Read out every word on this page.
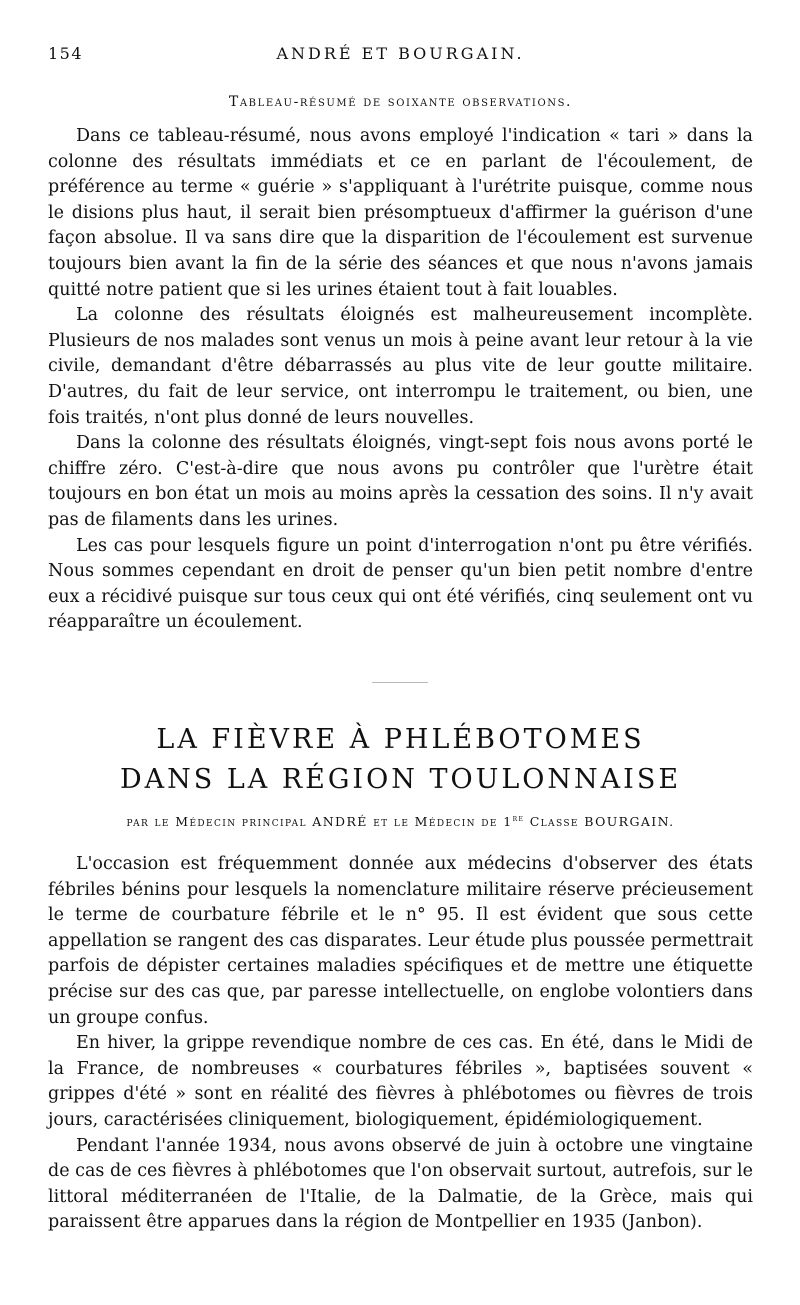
154	ANDRÉ ET BOURGAIN.
Tableau-résumé de soixante observations.

Dans ce tableau-résumé, nous avons employé l'indication « tari » dans la colonne des résultats immédiats et ce en parlant de l'écoulement, de préférence au terme « guérie » s'appliquant à l'urétrite puisque, comme nous le disions plus haut, il serait bien présomptueux d'affirmer la guérison d'une façon absolue. Il va sans dire que la disparition de l'écoulement est survenue toujours bien avant la fin de la série des séances et que nous n'avons jamais quitté notre patient que si les urines étaient tout à fait louables.

La colonne des résultats éloignés est malheureusement incomplète. Plusieurs de nos malades sont venus un mois à peine avant leur retour à la vie civile, demandant d'être débarrassés au plus vite de leur goutte militaire. D'autres, du fait de leur service, ont interrompu le traitement, ou bien, une fois traités, n'ont plus donné de leurs nouvelles.

Dans la colonne des résultats éloignés, vingt-sept fois nous avons porté le chiffre zéro. C'est-à-dire que nous avons pu contrôler que l'urètre était toujours en bon état un mois au moins après la cessation des soins. Il n'y avait pas de filaments dans les urines.

Les cas pour lesquels figure un point d'interrogation n'ont pu être vérifiés. Nous sommes cependant en droit de penser qu'un bien petit nombre d'entre eux a récidivé puisque sur tous ceux qui ont été vérifiés, cinq seulement ont vu réapparaître un écoulement.

LA FIÈVRE À PHLÉBOTOMES
DANS LA RÉGION TOULONNAISE
par le Médecin principal ANDRÉ et le Médecin de 1re Classe BOURGAIN.

L'occasion est fréquemment donnée aux médecins d'observer des états fébriles bénins pour lesquels la nomenclature militaire réserve précieusement le terme de courbature fébrile et le n° 95. Il est évident que sous cette appellation se rangent des cas disparates. Leur étude plus poussée permettrait parfois de dépister certaines maladies spécifiques et de mettre une étiquette précise sur des cas que, par paresse intellectuelle, on englobe volontiers dans un groupe confus.

En hiver, la grippe revendique nombre de ces cas. En été, dans le Midi de la France, de nombreuses « courbatures fébriles », baptisées souvent « grippes d'été » sont en réalité des fièvres à phlébotomes ou fièvres de trois jours, caractérisées cliniquement, biologiquement, épidémiologiquement.

Pendant l'année 1934, nous avons observé de juin à octobre une vingtaine de cas de ces fièvres à phlébotomes que l'on observait surtout, autrefois, sur le littoral méditerranéen de l'Italie, de la Dalmatie, de la Grèce, mais qui paraissent être apparues dans la région de Montpellier en 1935 (Janbon).
